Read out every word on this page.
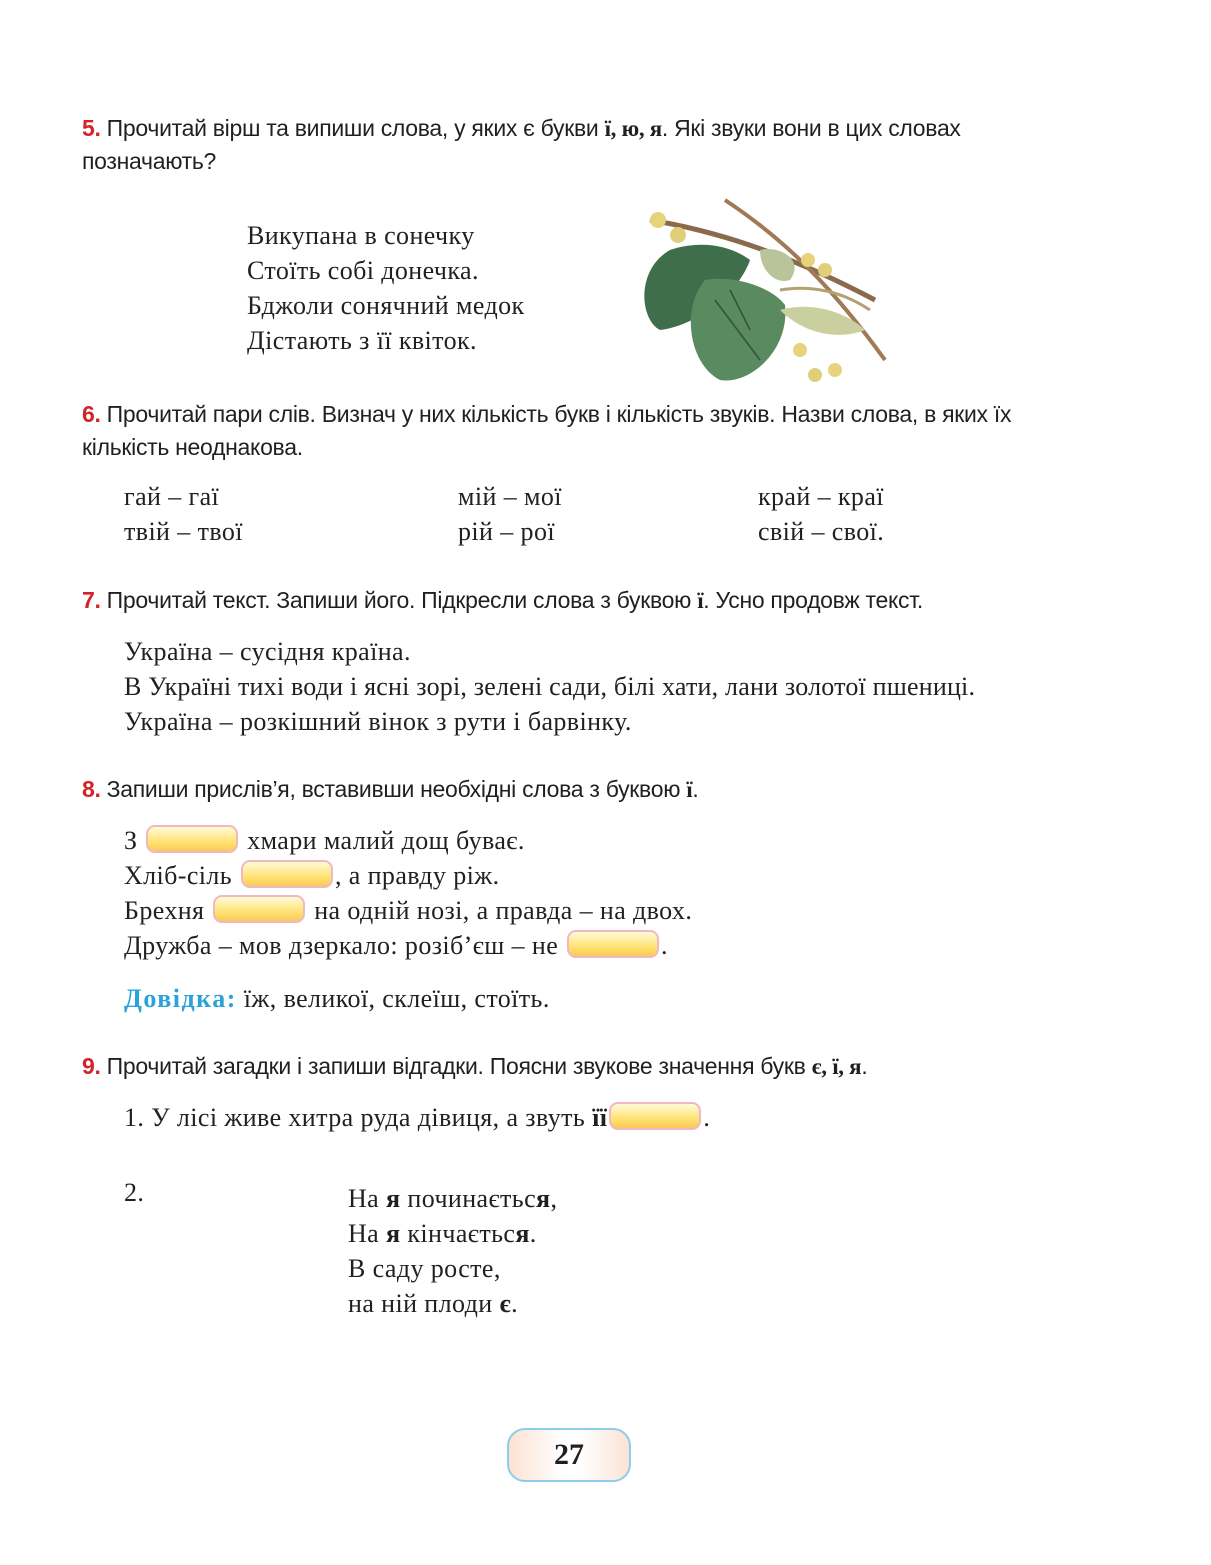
5. Прочитай вірш та випиши слова, у яких є букви ї, ю, я. Які звуки вони в цих словах позначають?
Викупана в сонечку
Стоїть собі донечка.
Бджоли сонячний медок
Дістають з її квіток.
6. Прочитай пари слів. Визнач у них кількість букв і кількість звуків. Назви слова, в яких їх кількість неоднакова.
гай – гаї	мій – мої	край – краї
твій – твої	рій – рої	свій – свої.
7. Прочитай текст. Запиши його. Підкресли слова з буквою ї. Усно продовж текст.
Україна – сусідня країна.
В Україні тихі води і ясні зорі, зелені сади, білі хати, лани золотої пшениці.
Україна – розкішний вінок з рути і барвінку.
8. Запиши прислів’я, вставивши необхідні слова з буквою ї.
З	хмари малий дощ буває.
Хліб-сіль	, а правду ріж.
Брехня	на одній нозі, а правда – на двох.
Дружба – мов дзеркало: розіб’єш – не	.
Довідка: їж, великої, склеїш, стоїть.
9. Прочитай загадки і запиши відгадки. Поясни звукове значення букв є, ї, я.
1. У лісі живе хитра руда дівиця, а звуть її	.
2.	На я починається,
На я кінчається.
В саду росте,
на ній плоди є.
27
